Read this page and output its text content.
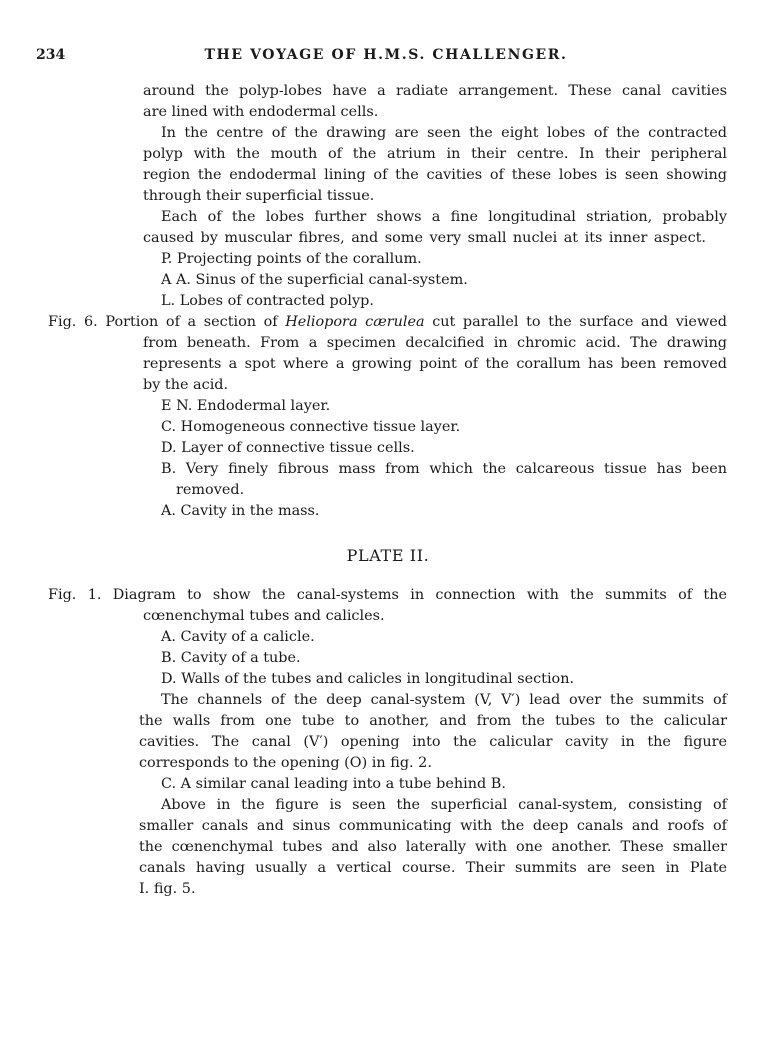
234	THE VOYAGE OF H.M.S. CHALLENGER.
around the polyp-lobes have a radiate arrangement. These canal cavities
are lined with endodermal cells.
In the centre of the drawing are seen the eight lobes of the contracted
polyp with the mouth of the atrium in their centre. In their peripheral
region the endodermal lining of the cavities of these lobes is seen showing
through their superficial tissue.
Each of the lobes further shows a fine longitudinal striation, probably
caused by muscular fibres, and some very small nuclei at its inner aspect.
P. Projecting points of the corallum.
A A. Sinus of the superficial canal-system.
L. Lobes of contracted polyp.
Fig. 6. Portion of a section of Heliopora cærulea cut parallel to the surface and viewed
from beneath. From a specimen decalcified in chromic acid. The drawing
represents a spot where a growing point of the corallum has been removed
by the acid.
E N. Endodermal layer.
C. Homogeneous connective tissue layer.
D. Layer of connective tissue cells.
B. Very finely fibrous mass from which the calcareous tissue has been
removed.
A. Cavity in the mass.
PLATE II.
Fig. 1. Diagram to show the canal-systems in connection with the summits of the
cœnenchymal tubes and calicles.
A. Cavity of a calicle.
B. Cavity of a tube.
D. Walls of the tubes and calicles in longitudinal section.
The channels of the deep canal-system (V, V′) lead over the summits of
the walls from one tube to another, and from the tubes to the calicular
cavities. The canal (V′) opening into the calicular cavity in the figure
corresponds to the opening (O) in fig. 2.
C. A similar canal leading into a tube behind B.
Above in the figure is seen the superficial canal-system, consisting of
smaller canals and sinus communicating with the deep canals and roofs of
the cœnenchymal tubes and also laterally with one another. These smaller
canals having usually a vertical course. Their summits are seen in Plate
I. fig. 5.
